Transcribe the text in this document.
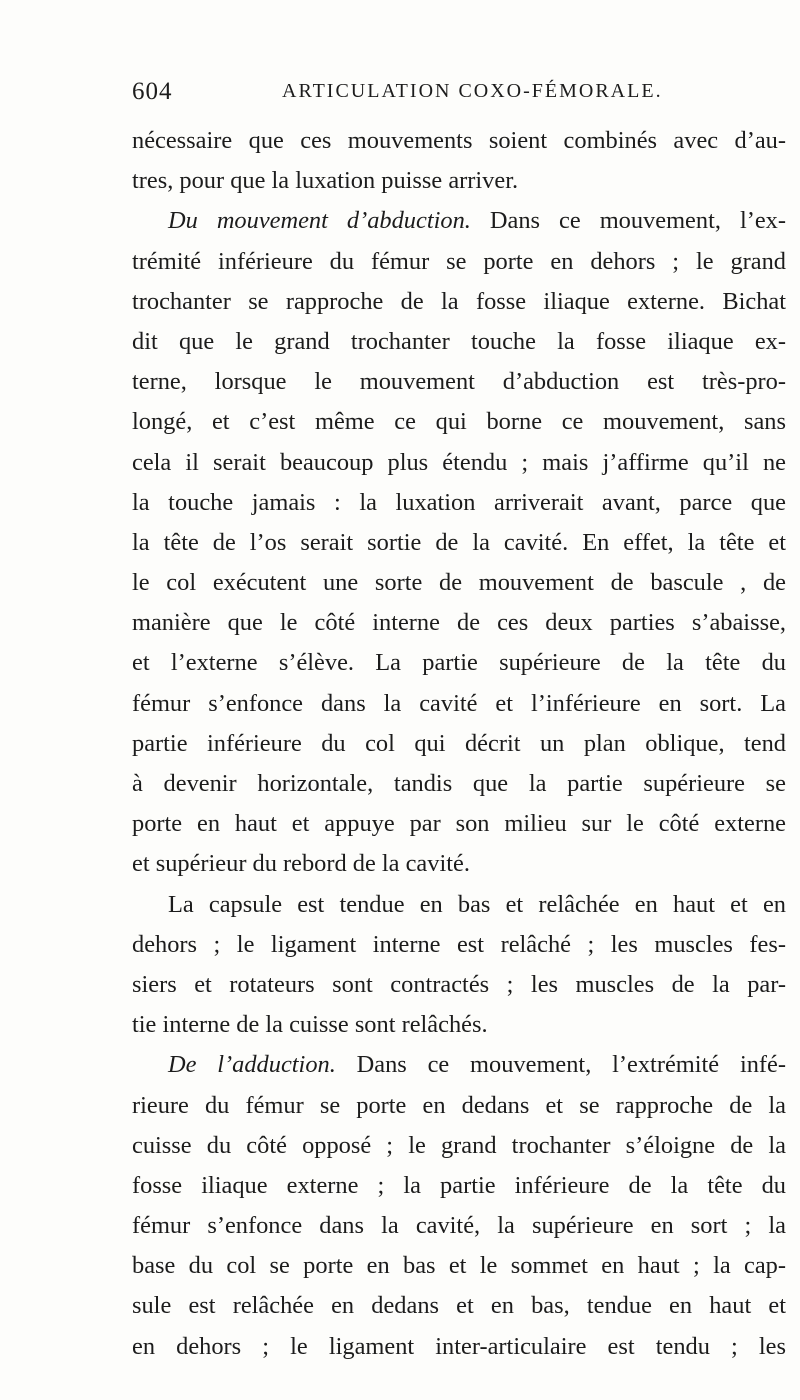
604	ARTICULATION COXO-FÉMORALE.
nécessaire que ces mouvements soient combinés avec d’au-
tres, pour que la luxation puisse arriver.
Du mouvement d’abduction. Dans ce mouvement, l’ex-
trémité inférieure du fémur se porte en dehors ; le grand
trochanter se rapproche de la fosse iliaque externe. Bichat
dit que le grand trochanter touche la fosse iliaque ex-
terne, lorsque le mouvement d’abduction est très-pro-
longé, et c’est même ce qui borne ce mouvement, sans
cela il serait beaucoup plus étendu ; mais j’affirme qu’il ne
la touche jamais : la luxation arriverait avant, parce que
la tête de l’os serait sortie de la cavité. En effet, la tête et
le col exécutent une sorte de mouvement de bascule , de
manière que le côté interne de ces deux parties s’abaisse,
et l’externe s’élève. La partie supérieure de la tête du
fémur s’enfonce dans la cavité et l’inférieure en sort. La
partie inférieure du col qui décrit un plan oblique, tend
à devenir horizontale, tandis que la partie supérieure se
porte en haut et appuye par son milieu sur le côté externe
et supérieur du rebord de la cavité.
La capsule est tendue en bas et relâchée en haut et en
dehors ; le ligament interne est relâché ; les muscles fes-
siers et rotateurs sont contractés ; les muscles de la par-
tie interne de la cuisse sont relâchés.
De l’adduction. Dans ce mouvement, l’extrémité infé-
rieure du fémur se porte en dedans et se rapproche de la
cuisse du côté opposé ; le grand trochanter s’éloigne de la
fosse iliaque externe ; la partie inférieure de la tête du
fémur s’enfonce dans la cavité, la supérieure en sort ; la
base du col se porte en bas et le sommet en haut ; la cap-
sule est relâchée en dedans et en bas, tendue en haut et
en dehors ; le ligament inter-articulaire est tendu ; les
